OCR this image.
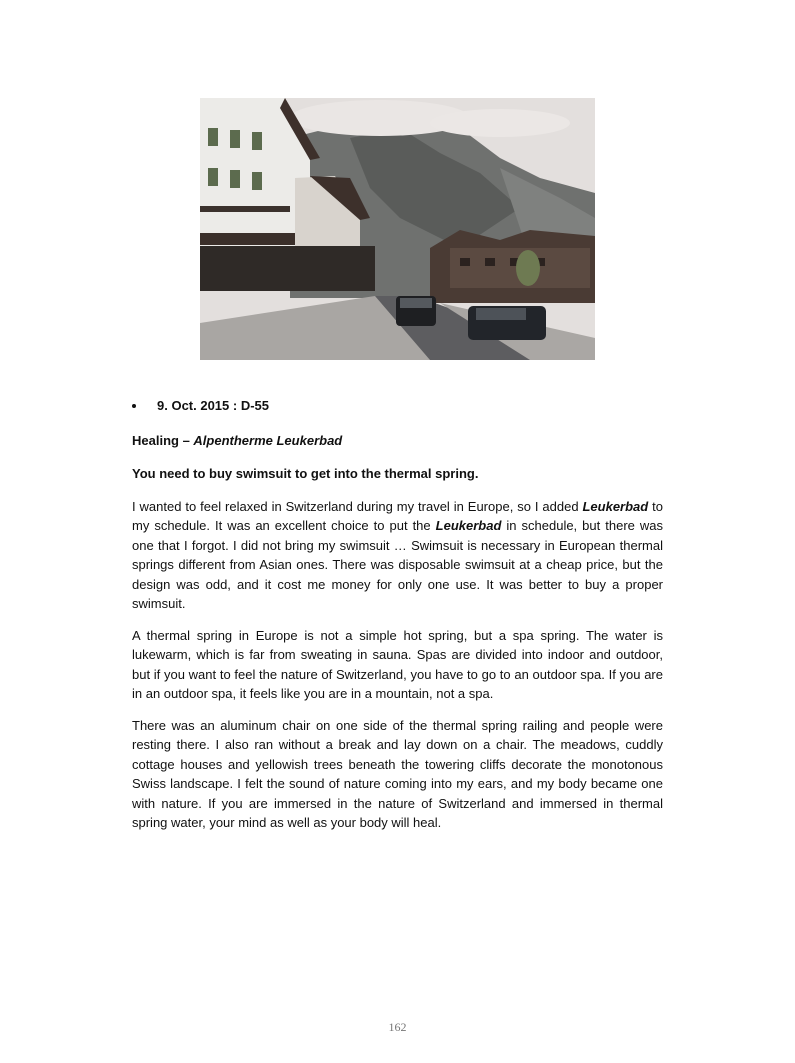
9. Oct. 2015 : D-55
Healing – Alpentherme Leukerbad
You need to buy swimsuit to get into the thermal spring.

I wanted to feel relaxed in Switzerland during my travel in Europe, so I added Leukerbad to my schedule. It was an excellent choice to put the Leukerbad in schedule, but there was one that I forgot. I did not bring my swimsuit … Swimsuit is necessary in European thermal springs different from Asian ones. There was disposable swimsuit at a cheap price, but the design was odd, and it cost me money for only one use. It was better to buy a proper swimsuit.

A thermal spring in Europe is not a simple hot spring, but a spa spring. The water is lukewarm, which is far from sweating in sauna. Spas are divided into indoor and outdoor, but if you want to feel the nature of Switzerland, you have to go to an outdoor spa. If you are in an outdoor spa, it feels like you are in a mountain, not a spa.

There was an aluminum chair on one side of the thermal spring railing and people were resting there. I also ran without a break and lay down on a chair. The meadows, cuddly cottage houses and yellowish trees beneath the towering cliffs decorate the monotonous Swiss landscape. I felt the sound of nature coming into my ears, and my body became one with nature. If you are immersed in the nature of Switzerland and immersed in thermal spring water, your mind as well as your body will heal.

162
